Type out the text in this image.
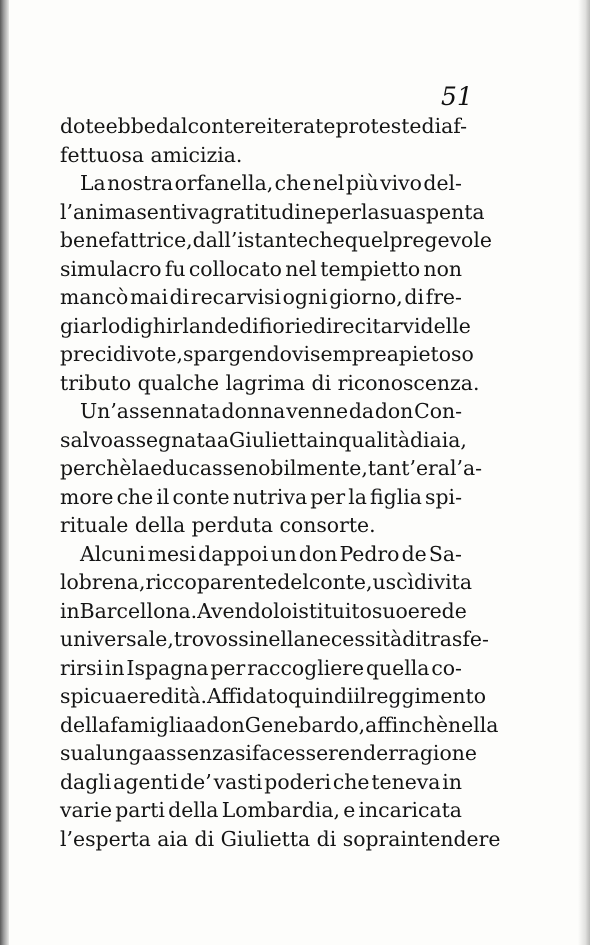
51
dote ebbe dal conte reiterate proteste di af-
fettuosa amicizia.
La nostra orfanella, che nel più vivo del-
l’anima sentiva gratitudine per la sua spenta
benefattrice, dall’istante che quel pregevole
simulacro fu collocato nel tempietto non
mancò mai di recarvisi ogni giorno, di fre-
giarlo di ghirlande di fiori e di recitarvi delle
preci divote, spargendovi sempre a pietoso
tributo qualche lagrima di riconoscenza.
Un’assennata donna venne da don Con-
salvo assegnata a Giulietta in qualità di aia,
perchè la educasse nobilmente, tant’era l’a-
more che il conte nutriva per la figlia spi-
rituale della perduta consorte.
Alcuni mesi dappoi un don Pedro de Sa-
lobrena, ricco parente del conte, uscì di vita
in Barcellona. Avendolo istituito suo erede
universale, trovossi nella necessità di trasfe-
rirsi in Ispagna per raccogliere quella co-
spicua eredità. Affidato quindi il reggimento
della famiglia a don Genebardo, affinchè nella
sua lunga assenza si facesse render ragione
dagli agenti de’ vasti poderi che teneva in
varie parti della Lombardia, e incaricata
l’esperta aia di Giulietta di sopraintendere
